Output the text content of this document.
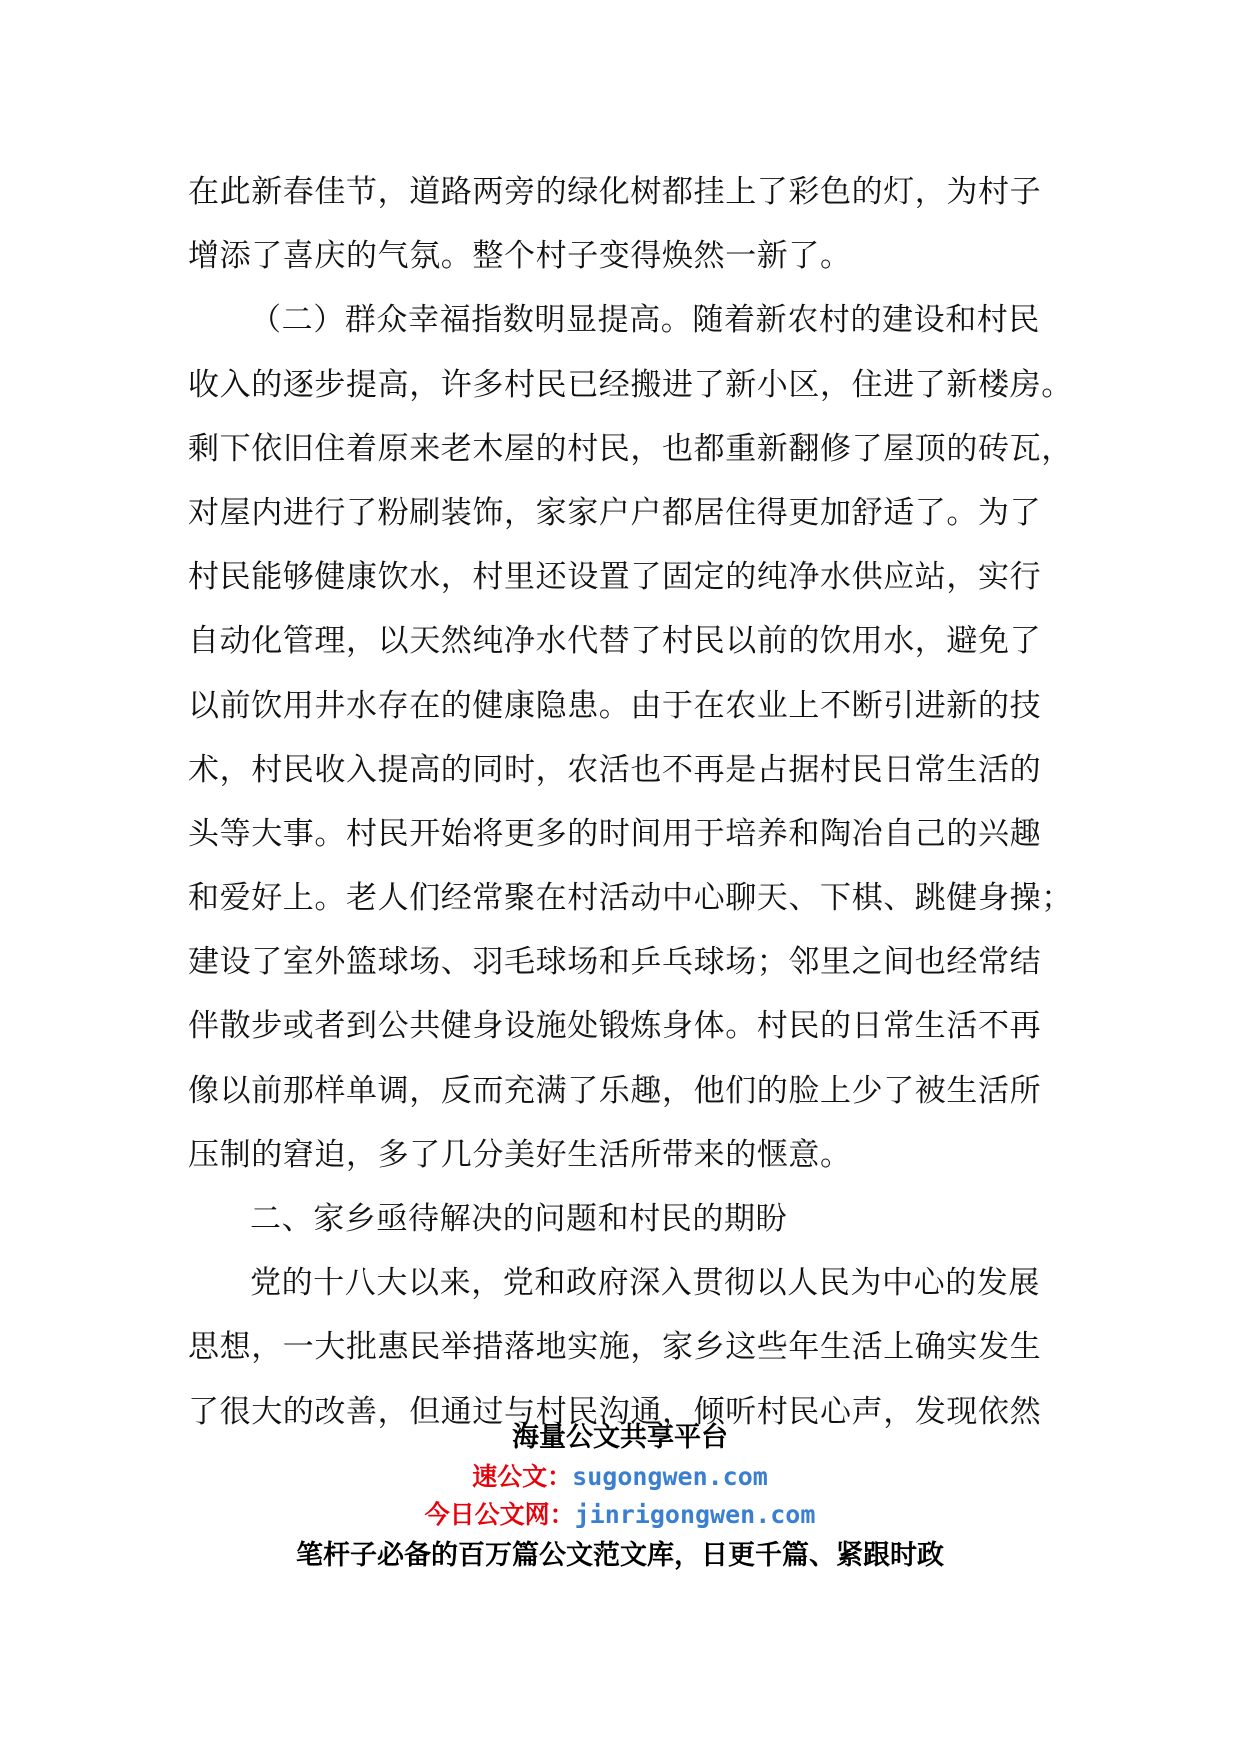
在此新春佳节，道路两旁的绿化树都挂上了彩色的灯，为村子
增添了喜庆的气氛。整个村子变得焕然一新了。
（二）群众幸福指数明显提高。随着新农村的建设和村民
收入的逐步提高，许多村民已经搬进了新小区，住进了新楼房。
剩下依旧住着原来老木屋的村民，也都重新翻修了屋顶的砖瓦，
对屋内进行了粉刷装饰，家家户户都居住得更加舒适了。为了
村民能够健康饮水，村里还设置了固定的纯净水供应站，实行
自动化管理，以天然纯净水代替了村民以前的饮用水，避免了
以前饮用井水存在的健康隐患。由于在农业上不断引进新的技
术，村民收入提高的同时，农活也不再是占据村民日常生活的
头等大事。村民开始将更多的时间用于培养和陶冶自己的兴趣
和爱好上。老人们经常聚在村活动中心聊天、下棋、跳健身操；
建设了室外篮球场、羽毛球场和乒乓球场；邻里之间也经常结
伴散步或者到公共健身设施处锻炼身体。村民的日常生活不再
像以前那样单调，反而充满了乐趣，他们的脸上少了被生活所
压制的窘迫，多了几分美好生活所带来的惬意。
二、家乡亟待解决的问题和村民的期盼
党的十八大以来，党和政府深入贯彻以人民为中心的发展
思想，一大批惠民举措落地实施，家乡这些年生活上确实发生
了很大的改善，但通过与村民沟通，倾听村民心声，发现依然
海量公文共享平台
速公文：sugongwen.com
今日公文网：jinrigongwen.com
笔杆子必备的百万篇公文范文库，日更千篇、紧跟时政
